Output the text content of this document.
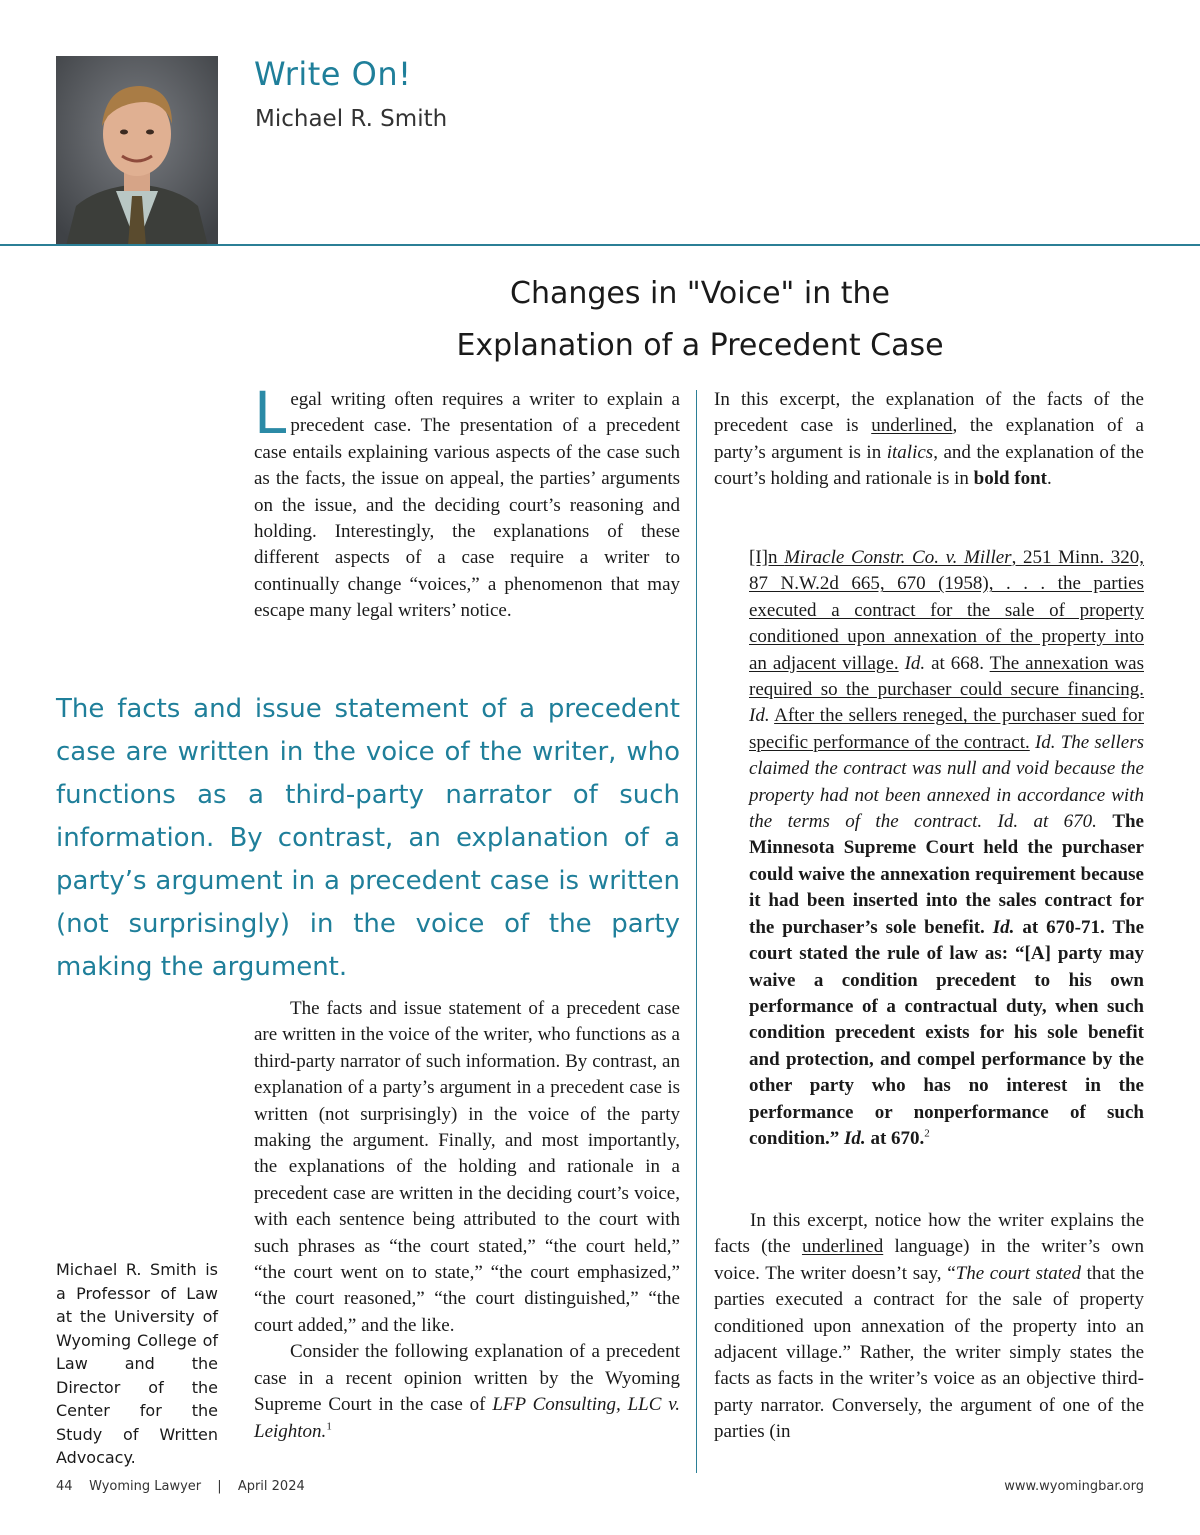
Write On!
Michael R. Smith
Changes in "Voice" in the
Explanation of a Precedent Case

Legal writing often requires a writer to explain a precedent case. The presentation of a precedent case entails explaining various aspects of the case such as the facts, the issue on appeal, the parties’ arguments on the issue, and the deciding court’s reasoning and holding. Interestingly, the explanations of these different aspects of a case require a writer to continually change “voices,” a phenomenon that may escape many legal writers’ notice.

The facts and issue statement of a precedent case are written in the voice of the writer, who functions as a third-party narrator of such information. By contrast, an explanation of a party’s argument in a precedent case is written (not surprisingly) in the voice of the party making the argument.

The facts and issue statement of a precedent case are written in the voice of the writer, who functions as a third-party narrator of such information. By contrast, an explanation of a party’s argument in a precedent case is written (not surprisingly) in the voice of the party making the argument. Finally, and most importantly, the explanations of the holding and rationale in a precedent case are written in the deciding court’s voice, with each sentence being attributed to the court with such phrases as “the court stated,” “the court held,” “the court went on to state,” “the court emphasized,” “the court reasoned,” “the court distinguished,” “the court added,” and the like.

Consider the following explanation of a precedent case in a recent opinion written by the Wyoming Supreme Court in the case of LFP Consulting, LLC v. Leighton.$^1$

Michael R. Smith is a Professor of Law at the University of Wyoming College of Law and the Director of the Center for the Study of Written Advocacy.

In this excerpt, the explanation of the facts of the precedent case is underlined, the explanation of a party’s argument is in italics, and the explanation of the court’s holding and rationale is in bold font.

[I]n Miracle Constr. Co. v. Miller, 251 Minn. 320, 87 N.W.2d 665, 670 (1958), . . . the parties executed a contract for the sale of property conditioned upon annexation of the property into an adjacent village. Id. at 668. The annexation was required so the purchaser could secure financing. Id. After the sellers reneged, the purchaser sued for specific performance of the contract. Id. The sellers claimed the contract was null and void because the property had not been annexed in accordance with the terms of the contract. Id. at 670. The Minnesota Supreme Court held the purchaser could waive the annexation requirement because it had been inserted into the sales contract for the purchaser’s sole benefit. Id. at 670-71. The court stated the rule of law as: “[A] party may waive a condition precedent to his own performance of a contractual duty, when such condition precedent exists for his sole benefit and protection, and compel performance by the other party who has no interest in the performance or nonperformance of such condition.” Id. at 670.$^2$

In this excerpt, notice how the writer explains the facts (the underlined language) in the writer’s own voice. The writer doesn’t say, “The court stated that the parties executed a contract for the sale of property conditioned upon annexation of the property into an adjacent village.” Rather, the writer simply states the facts as facts in the writer’s voice as an objective third-party narrator. Conversely, the argument of one of the parties (in

44 Wyoming Lawyer | April 2024	www.wyomingbar.org
